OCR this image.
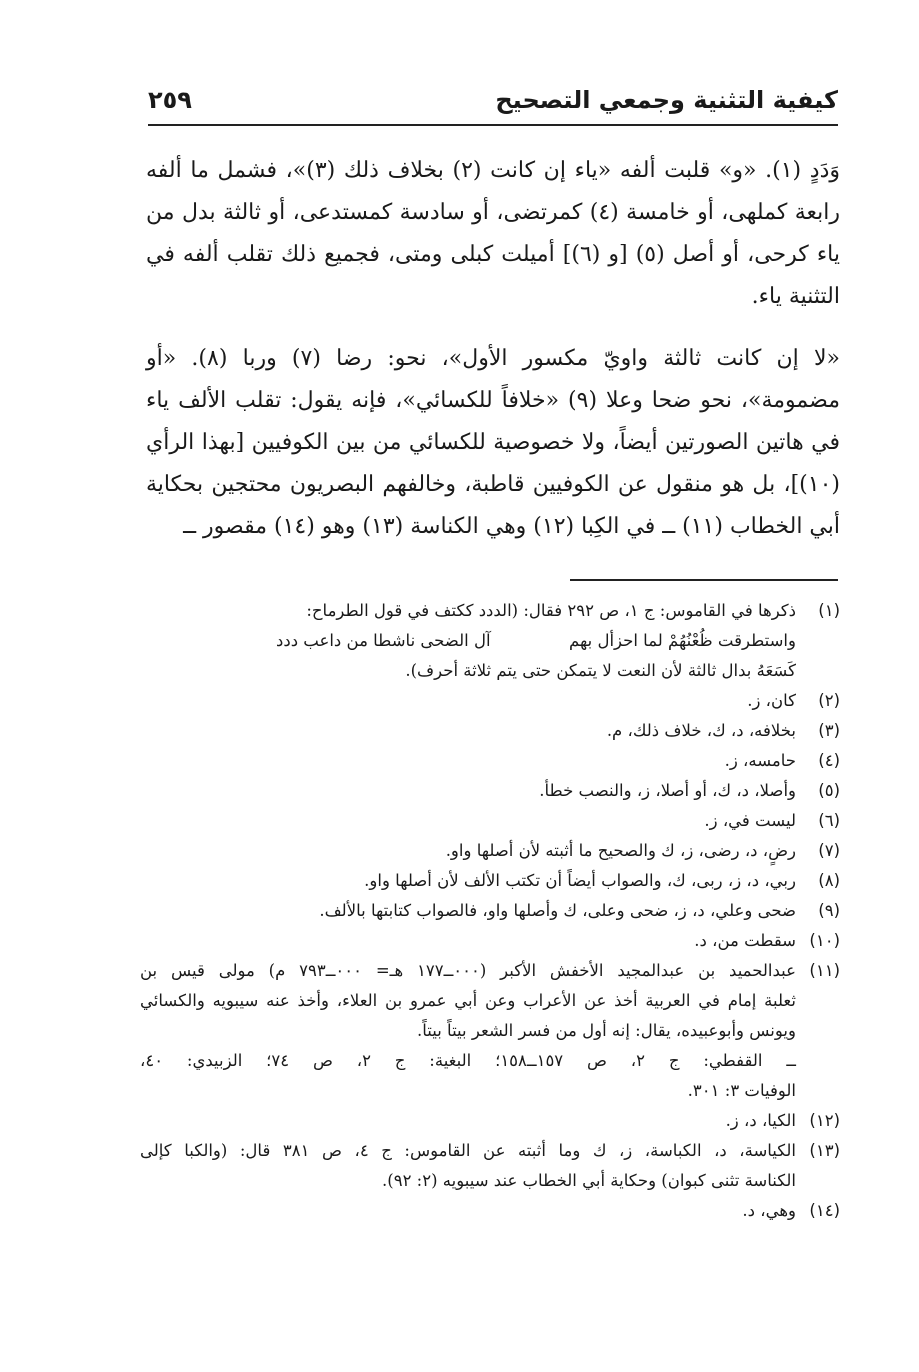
كيفية التثنية وجمعي التصحيح
٢٥٩

وَدَدٍ (١). «و» قلبت ألفه «ياء إن كانت (٢) بخلاف ذلك (٣)»، فشمل ما ألفه رابعة كملهى، أو خامسة (٤) كمرتضى، أو سادسة كمستدعى، أو ثالثة بدل من ياء كرحى، أو أصل (٥) [و (٦)] أميلت كبلى ومتى، فجميع ذلك تقلب ألفه في التثنية ياء.

«لا إن كانت ثالثة واويّ مكسور الأول»، نحو: رضا (٧) وربا (٨). «أو مضمومة»، نحو ضحا وعلا (٩) «خلافاً للكسائي»، فإنه يقول: تقلب الألف ياء في هاتين الصورتين أيضاً، ولا خصوصية للكسائي من بين الكوفيين [بهذا الرأي (١٠)]، بل هو منقول عن الكوفيين قاطبة، وخالفهم البصريون محتجين بحكاية أبي الخطاب (١١) ــ في الكِبا (١٢) وهي الكناسة (١٣) وهو (١٤) مقصور ــ

(١)
ذكرها في القاموس: ج ١، ص ٢٩٢ فقال: (الددد ككتف في قول الطرماح:
واستطرقت ظُعْنُهُمْ لما احزأل بهم
آل الضحى ناشطا من داعب ددد
كَسَعَهُ بدال ثالثة لأن النعت لا يتمكن حتى يتم ثلاثة أحرف).
(٢)
كان، ز.
(٣)
بخلافه، د، ك، خلاف ذلك، م.
(٤)
حامسه، ز.
(٥)
وأصلا، د، ك، أو أصلا، ز، والنصب خطأ.
(٦)
ليست في، ز.
(٧)
رضٍ، د، رضى، ز، ك والصحيح ما أثبته لأن أصلها واو.
(٨)
ربي، د، ز، ربى، ك، والصواب أيضاً أن تكتب الألف لأن أصلها واو.
(٩)
ضحى وعلي، د، ز، ضحى وعلى، ك وأصلها واو، فالصواب كتابتها بالألف.
(١٠)
سقطت من، د.
(١١)
عبدالحميد بن عبدالمجيد الأخفش الأكبر (٠٠٠ــ١٧٧ هـ= ٠٠٠ــ٧٩٣ م) مولى قيس بن
ثعلبة إمام في العربية أخذ عن الأعراب وعن أبي عمرو بن العلاء، وأخذ عنه سيبويه والكسائي
ويونس وأبوعبيده، يقال: إنه أول من فسر الشعر بيتاً بيتاً.
ــ القفطي: ج ٢، ص ١٥٧ــ١٥٨؛ البغية: ج ٢، ص ٧٤؛ الزبيدي: ٤٠،
الوفيات ٣: ٣٠١.
(١٢)
الكيا، د، ز.
(١٣)
الكياسة، د، الكباسة، ز، ك وما أثبته عن القاموس: ج ٤، ص ٣٨١ قال: (والكبا كإلى
الكناسة تثنى كبوان) وحكاية أبي الخطاب عند سيبويه (٢: ٩٢).
(١٤)
وهي، د.
